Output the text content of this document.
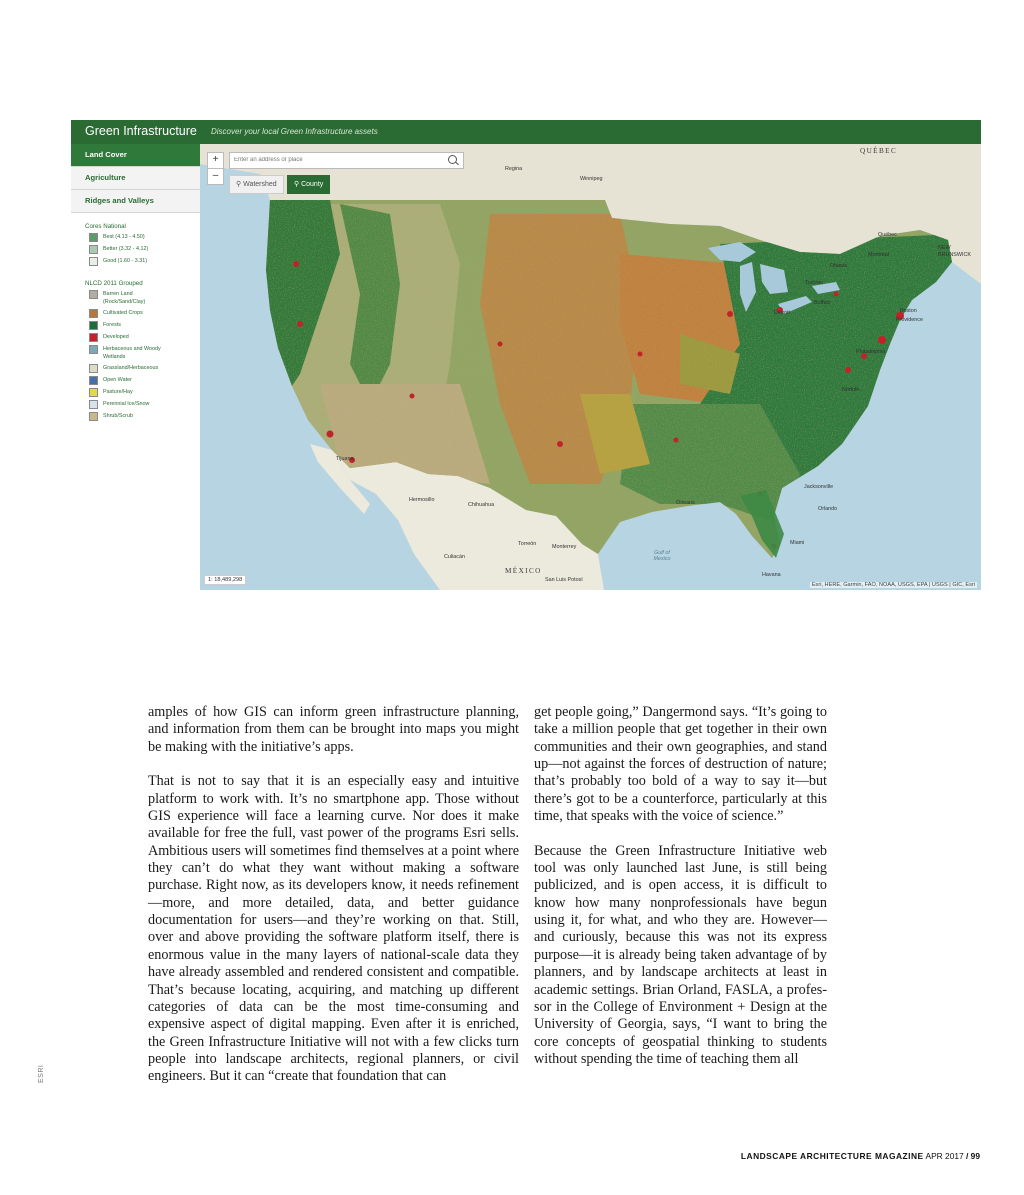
Green Infrastructure Discover your local Green Infrastructure assets
Land Cover
Agriculture
Ridges and Valleys
Cores National
Best (4.13 - 4.50)
Better (3.32 - 4.12)
Good (1.60 - 3.31)
NLCD 2011 Grouped
Barren Land (Rock/Sand/Clay)
Cultivated Crops
Forests
Developed
Herbaceous and Woody Wetlands
Grassland/Herbaceous
Open Water
Pasture/Hay
Perennial Ice/Snow
Shrub/Scrub
+
–
Enter an address or place
⚲ Watershed	⚲ County
QUÉBEC
Regina
Winnipeg
Québec
Montréal
Ottawa
NEW BRUNSWICK
Toronto
Detroit
Buffalo
Boston
Providence
Philadelphia
Norfolk
Jacksonville
Orlando
Miami
Tijuana
Hermosillo
Chihuahua
Torreón	Monterrey
Culiacán
MÉXICO
San Luis Potosí
Havana
Gulf of Mexico
Orleans
1: 18,489,298
Esri, HERE, Garmin, FAO, NOAA, USGS, EPA | USGS | GIC, Esri

amples of how GIS can inform green infrastructure planning, and information from them can be brought into maps you might be making with the initiative’s apps.

That is not to say that it is an especially easy and intuitive platform to work with. It’s no smartphone app. Those without GIS experience will face a learning curve. Nor does it make available for free the full, vast power of the programs Esri sells. Ambitious users will sometimes find themselves at a point where they can’t do what they want without making a software purchase. Right now, as its developers know, it needs refinement—more, and more detailed, data, and better guidance documentation for users—and they’re working on that. Still, over and above providing the software platform itself, there is enormous value in the many layers of national-scale data they have already assembled and rendered consistent and compatible. That’s because locating, acquiring, and matching up different categories of data can be the most time-consuming and expensive aspect of digital mapping. Even after it is enriched, the Green Infrastructure Initiative will not with a few clicks turn people into landscape architects, regional planners, or civil engineers. But it can “create that foundation that can

get people going,” Dangermond says. “It’s going to take a million people that get together in their own communities and their own geographies, and stand up—not against the forces of destruction of nature; that’s probably too bold of a way to say it—but there’s got to be a counterforce, particularly at this time, that speaks with the voice of science.”

Because the Green Infrastructure Initiative web tool was only launched last June, is still being publicized, and is open access, it is difficult to know how many nonprofessionals have begun using it, for what, and who they are. However— and curiously, because this was not its express purpose—it is already being taken advantage of by planners, and by landscape architects at least in academic settings. Brian Orland, FASLA, a professor in the College of Environment + Design at the University of Georgia, says, “I want to bring the core concepts of geospatial thinking to students without spending the time of teaching them all

ESRI
LANDSCAPE ARCHITECTURE MAGAZINE APR 2017 / 99
